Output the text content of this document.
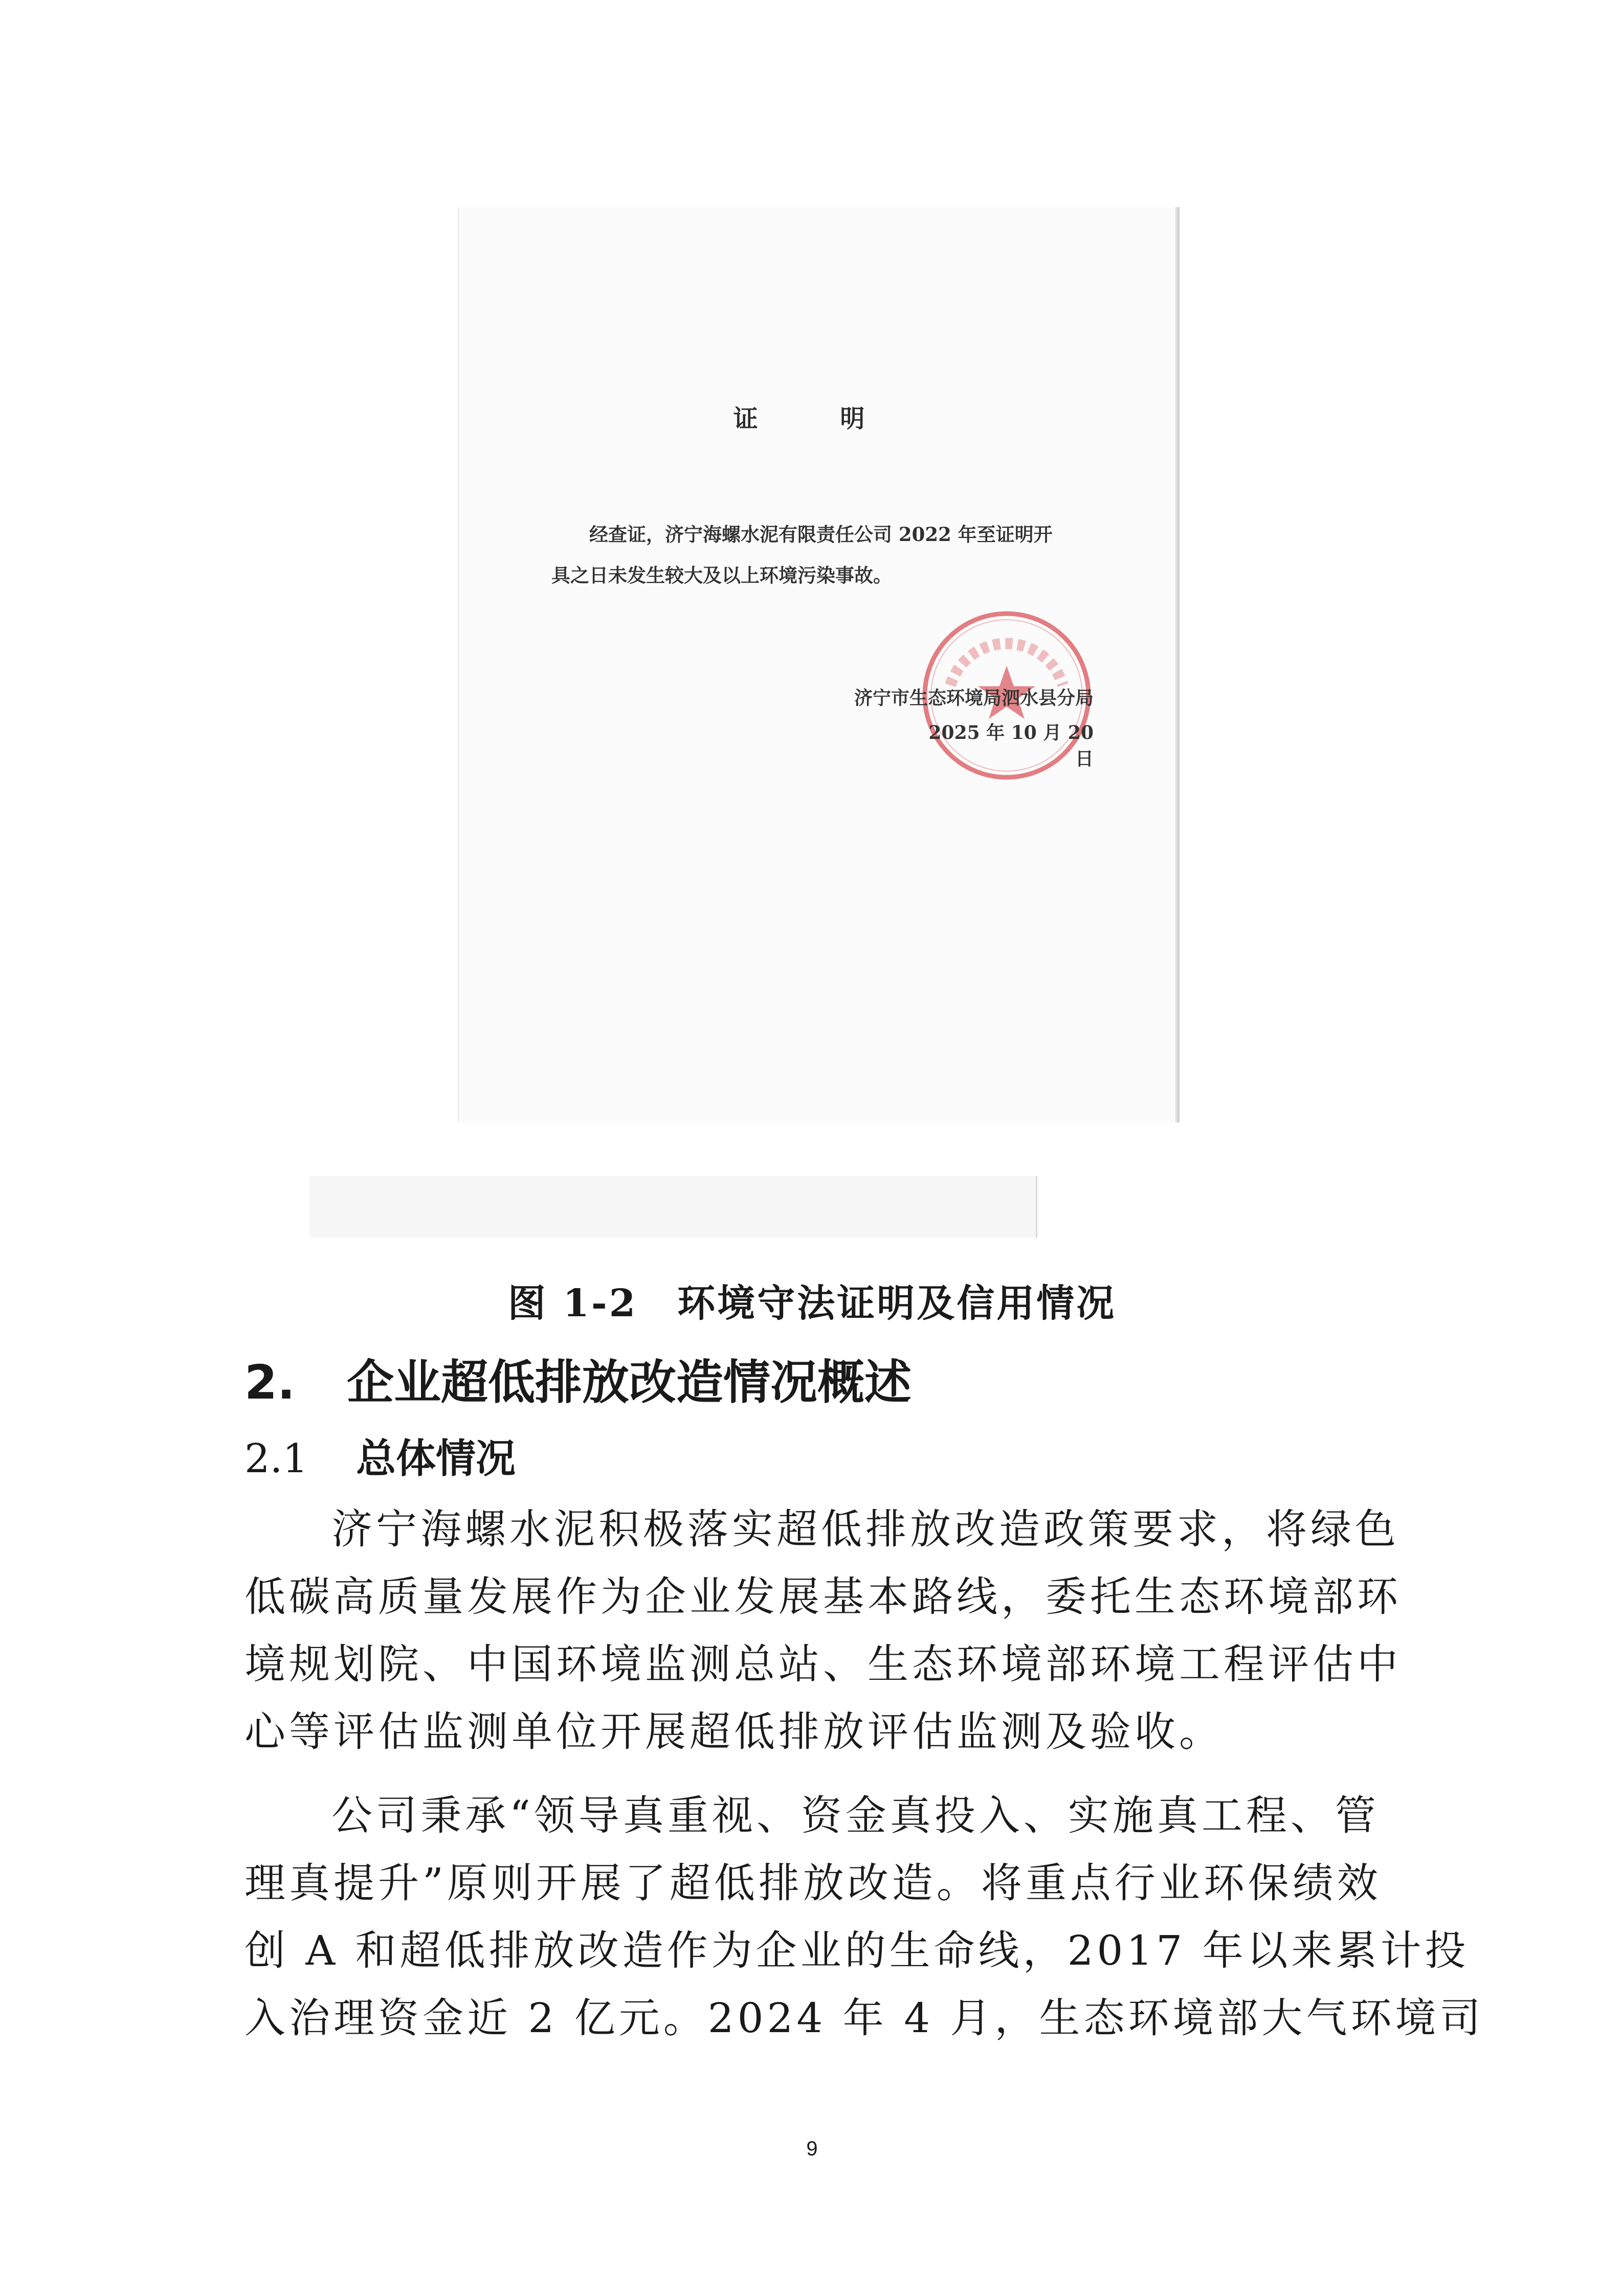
证 明
经查证，济宁海螺水泥有限责任公司 2022 年至证明开
具之日未发生较大及以上环境污染事故。
济宁市生态环境局泗水县分局
2025 年 10 月 20 日
图 1-2　环境守法证明及信用情况
2. 企业超低排放改造情况概述
2.1 总体情况
济宁海螺水泥积极落实超低排放改造政策要求，将绿色
低碳高质量发展作为企业发展基本路线，委托生态环境部环
境规划院、中国环境监测总站、生态环境部环境工程评估中
心等评估监测单位开展超低排放评估监测及验收。
公司秉承“领导真重视、资金真投入、实施真工程、管
理真提升”原则开展了超低排放改造。将重点行业环保绩效
创 A 和超低排放改造作为企业的生命线，2017 年以来累计投
入治理资金近 2 亿元。2024 年 4 月，生态环境部大气环境司
9
